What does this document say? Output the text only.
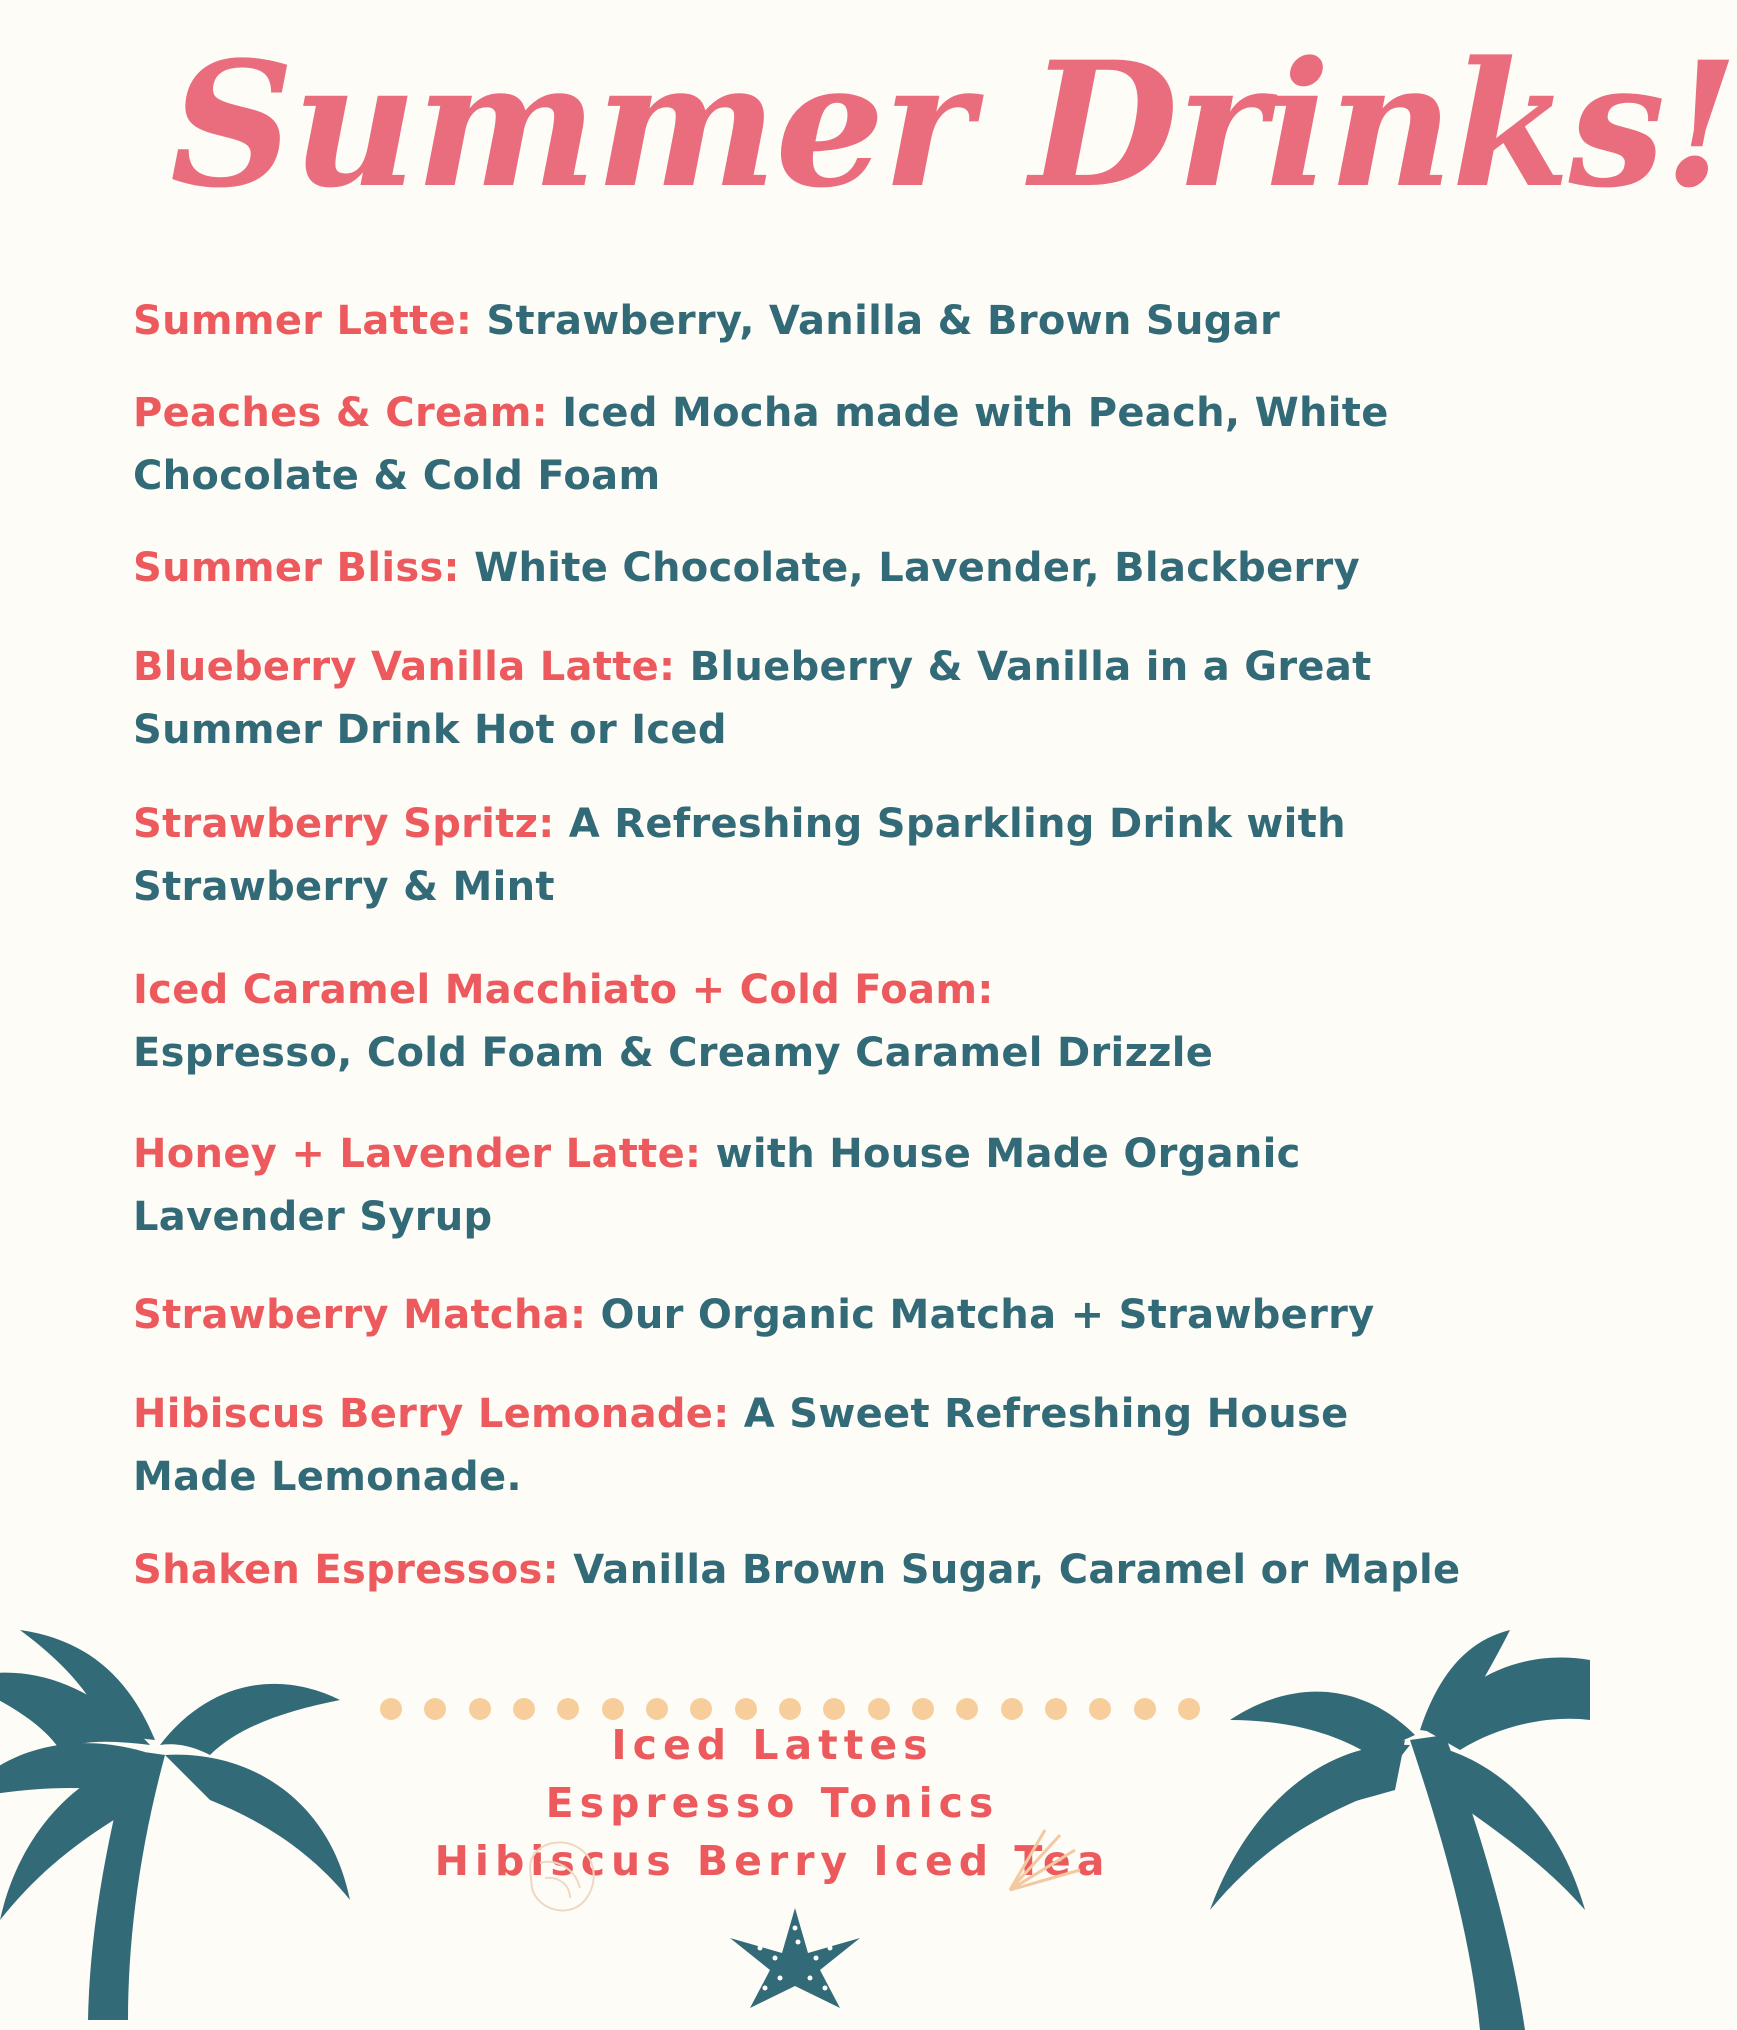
Summer Drinks!

Summer Latte: Strawberry, Vanilla & Brown Sugar

Peaches & Cream: Iced Mocha made with Peach, White Chocolate & Cold Foam

Summer Bliss: White Chocolate, Lavender, Blackberry

Blueberry Vanilla Latte: Blueberry & Vanilla in a Great Summer Drink Hot or Iced

Strawberry Spritz: A Refreshing Sparkling Drink with Strawberry & Mint

Iced Caramel Macchiato + Cold Foam:
Espresso, Cold Foam & Creamy Caramel Drizzle

Honey + Lavender Latte: with House Made Organic Lavender Syrup

Strawberry Matcha: Our Organic Matcha + Strawberry

Hibiscus Berry Lemonade: A Sweet Refreshing House Made Lemonade.

Shaken Espressos: Vanilla Brown Sugar, Caramel or Maple

Iced Lattes
Espresso Tonics
Hibiscus Berry Iced Tea
